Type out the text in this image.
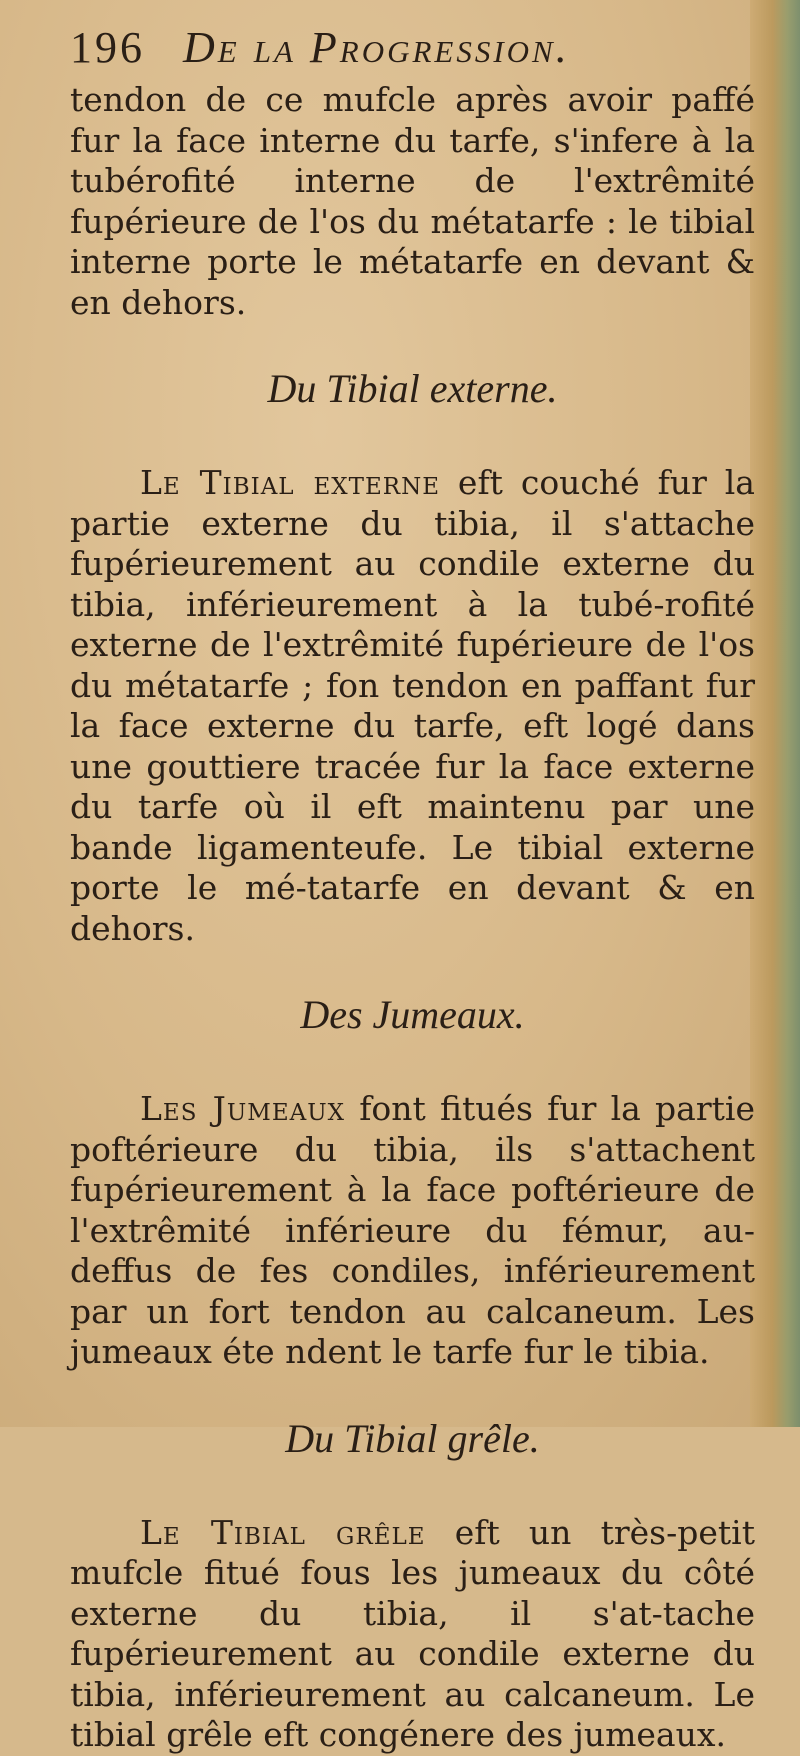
196 De la Progression.

tendon de ce mufcle après avoir paffé fur la face interne du tarfe, s'infere à la tubérofité interne de l'extrêmité fupérieure de l'os du métatarfe : le tibial interne porte le métatarfe en devant & en dehors.

Du Tibial externe.

Le Tibial externe eft couché fur la partie externe du tibia, il s'attache fupérieurement au condile externe du tibia, inférieurement à la tubé-rofité externe de l'extrêmité fupérieure de l'os du métatarfe ; fon tendon en paffant fur la face externe du tarfe, eft logé dans une gouttiere tracée fur la face externe du tarfe où il eft maintenu par une bande ligamenteufe. Le tibial externe porte le mé-tatarfe en devant & en dehors.

Des Jumeaux.

Les Jumeaux font fitués fur la partie poftérieure du tibia, ils s'attachent fupérieurement à la face poftérieure de l'extrêmité inférieure du fémur, au-deffus de fes condiles, inférieurement par un fort tendon au calcaneum. Les jumeaux éte ndent le tarfe fur le tibia.

Du Tibial grêle.

Le Tibial grêle eft un très-petit mufcle fitué fous les jumeaux du côté externe du tibia, il s'at-tache fupérieurement au condile externe du tibia, inférieurement au calcaneum. Le tibial grêle eft congénere des jumeaux.
